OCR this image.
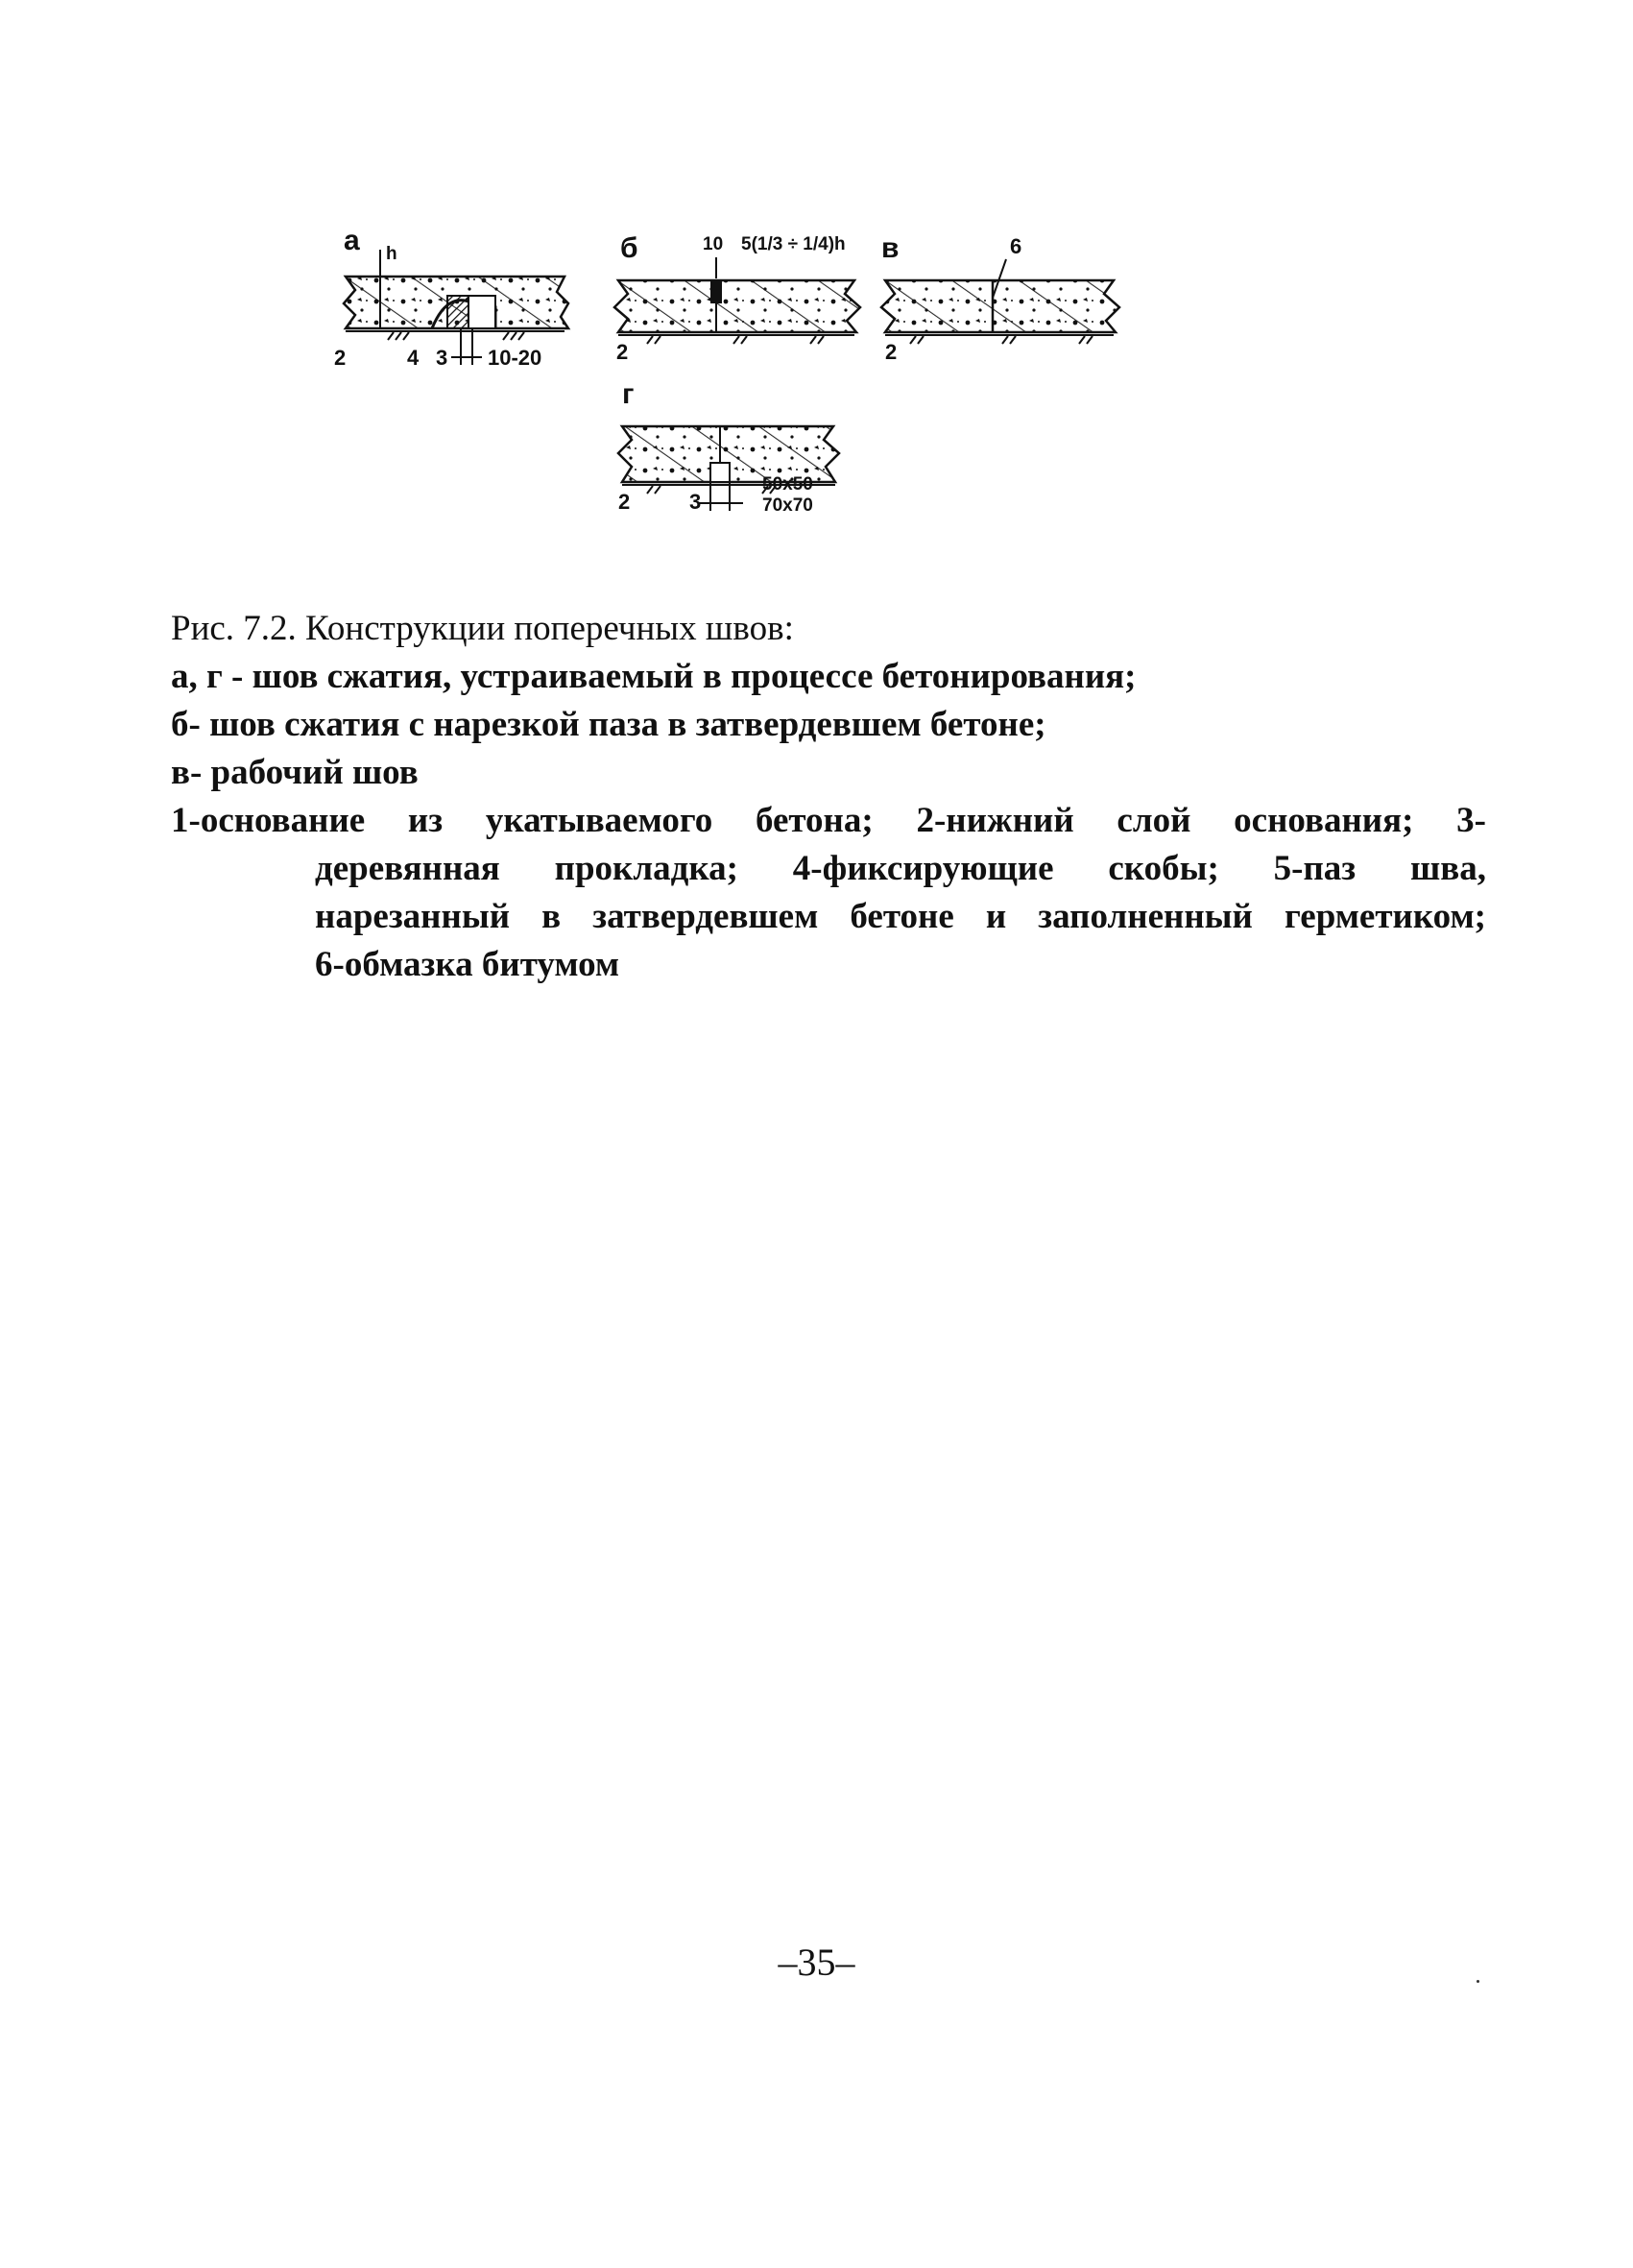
а h
2	4 3 10-20
б	10 5(1/3 ÷ 1/4)h
2
в	6
2
г
2	3
50х50
70х70
Рис. 7.2. Конструкции поперечных швов:
а, г - шов сжатия, устраиваемый в процессе бетонирования;
б- шов сжатия с нарезкой паза в затвердевшем бетоне;
в- рабочий шов
1-основание из укатываемого бетона; 2-нижний слой основания; 3-
деревянная прокладка; 4-фиксирующие скобы; 5-паз шва,
нарезанный в затвердевшем бетоне и заполненный герметиком;
6-обмазка битумом
–35–
